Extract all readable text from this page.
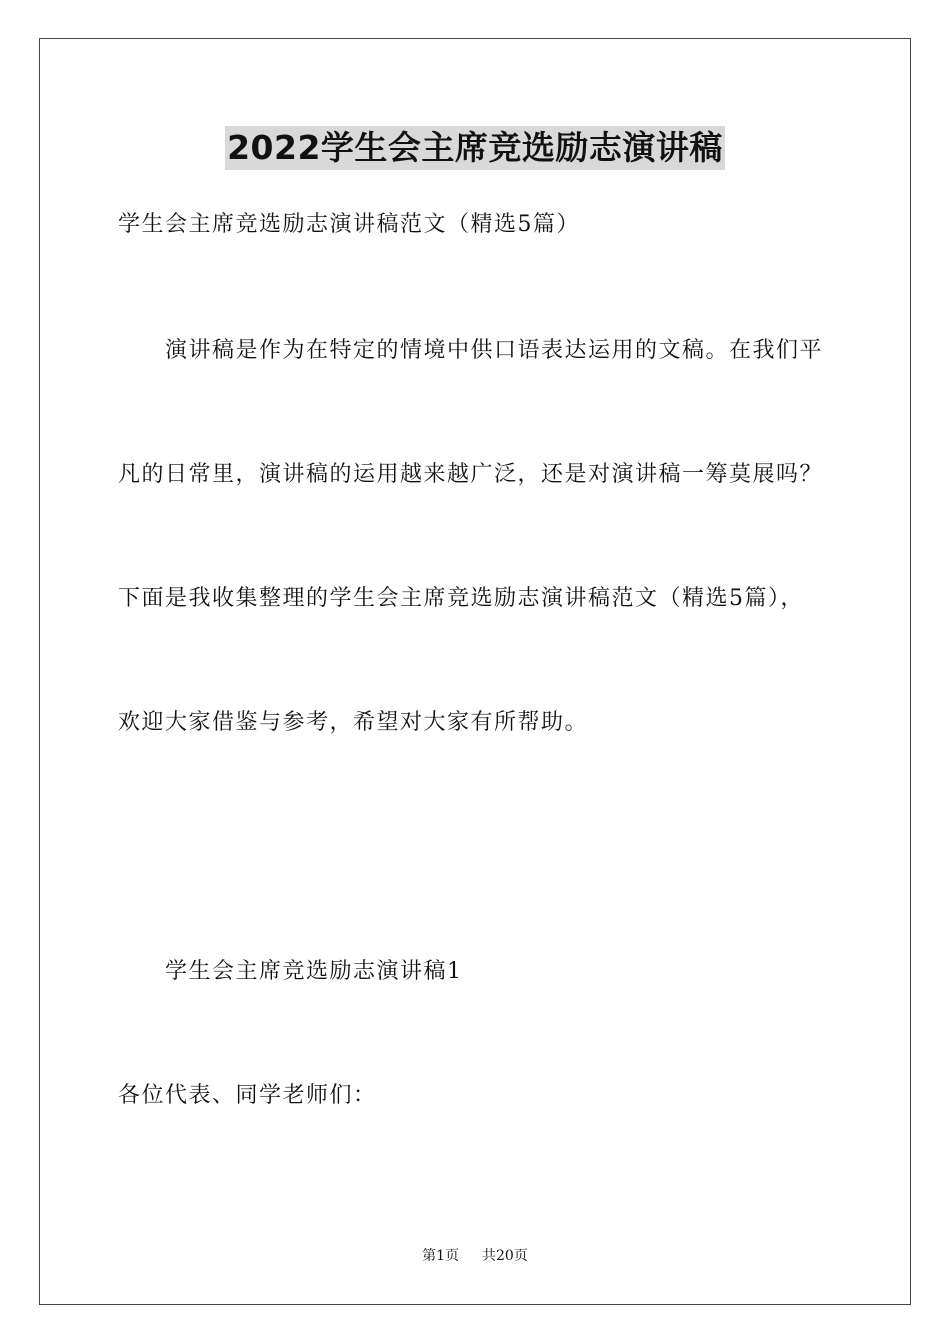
2022学生会主席竞选励志演讲稿
学生会主席竞选励志演讲稿范文（精选5篇）
演讲稿是作为在特定的情境中供口语表达运用的文稿。在我们平
凡的日常里，演讲稿的运用越来越广泛，还是对演讲稿一筹莫展吗？
下面是我收集整理的学生会主席竞选励志演讲稿范文（精选5篇），
欢迎大家借鉴与参考，希望对大家有所帮助。
学生会主席竞选励志演讲稿1
各位代表、同学老师们：
第1页 共20页
